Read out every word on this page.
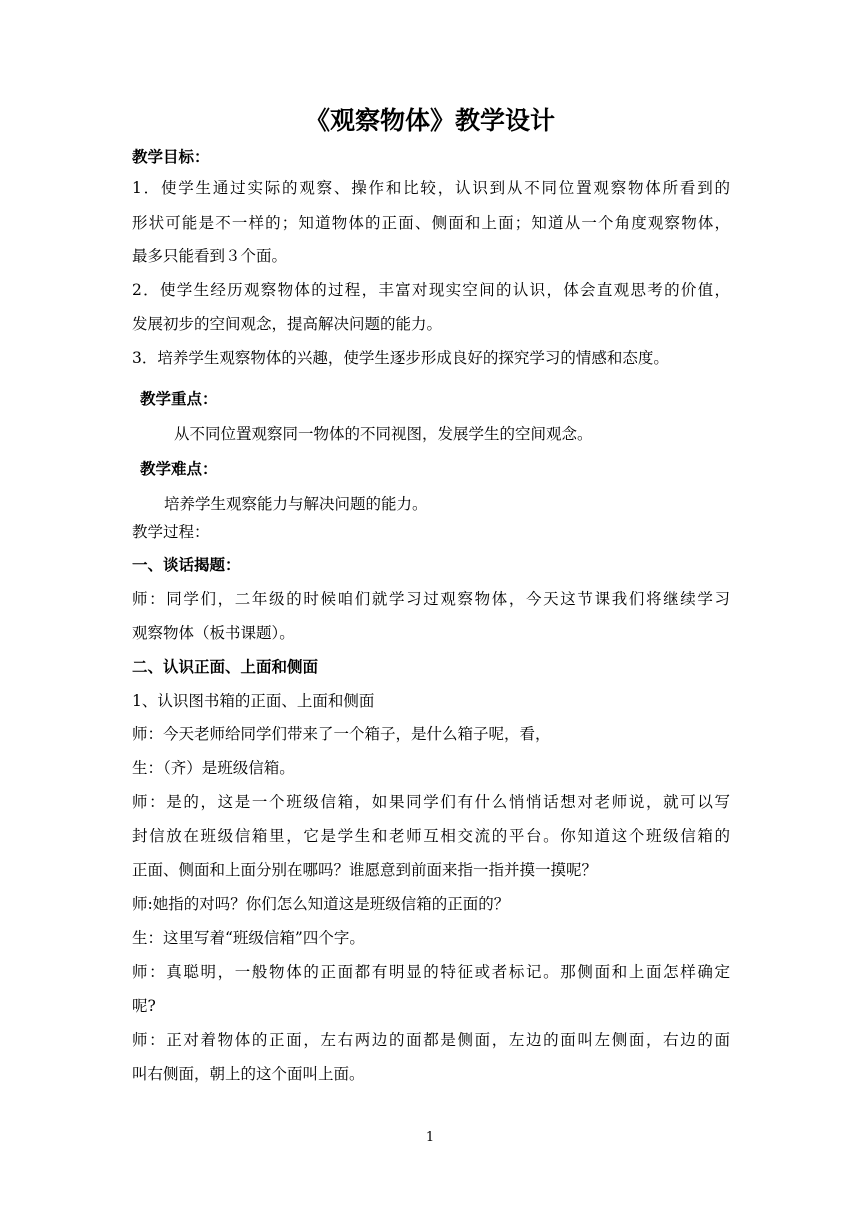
《观察物体》教学设计
教学目标：
1．使学生通过实际的观察、操作和比较，认识到从不同位置观察物体所看到的
形状可能是不一样的；知道物体的正面、侧面和上面；知道从一个角度观察物体，
最多只能看到３个面。
2．使学生经历观察物体的过程，丰富对现实空间的认识，体会直观思考的价值，
发展初步的空间观念，提高解决问题的能力。
3．培养学生观察物体的兴趣，使学生逐步形成良好的探究学习的情感和态度。
教学重点：
从不同位置观察同一物体的不同视图，发展学生的空间观念。
教学难点：
培养学生观察能力与解决问题的能力。
教学过程：
一、谈话揭题：
师：同学们，二年级的时候咱们就学习过观察物体，今天这节课我们将继续学习
观察物体（板书课题）。
二、认识正面、上面和侧面
1、认识图书箱的正面、上面和侧面
师：今天老师给同学们带来了一个箱子，是什么箱子呢，看，
生：（齐）是班级信箱。
师：是的，这是一个班级信箱，如果同学们有什么悄悄话想对老师说，就可以写
封信放在班级信箱里，它是学生和老师互相交流的平台。你知道这个班级信箱的
正面、侧面和上面分别在哪吗？谁愿意到前面来指一指并摸一摸呢？
师:她指的对吗？你们怎么知道这是班级信箱的正面的？
生：这里写着“班级信箱”四个字。
师：真聪明，一般物体的正面都有明显的特征或者标记。那侧面和上面怎样确定
呢?
师：正对着物体的正面，左右两边的面都是侧面，左边的面叫左侧面，右边的面
叫右侧面，朝上的这个面叫上面。
1
